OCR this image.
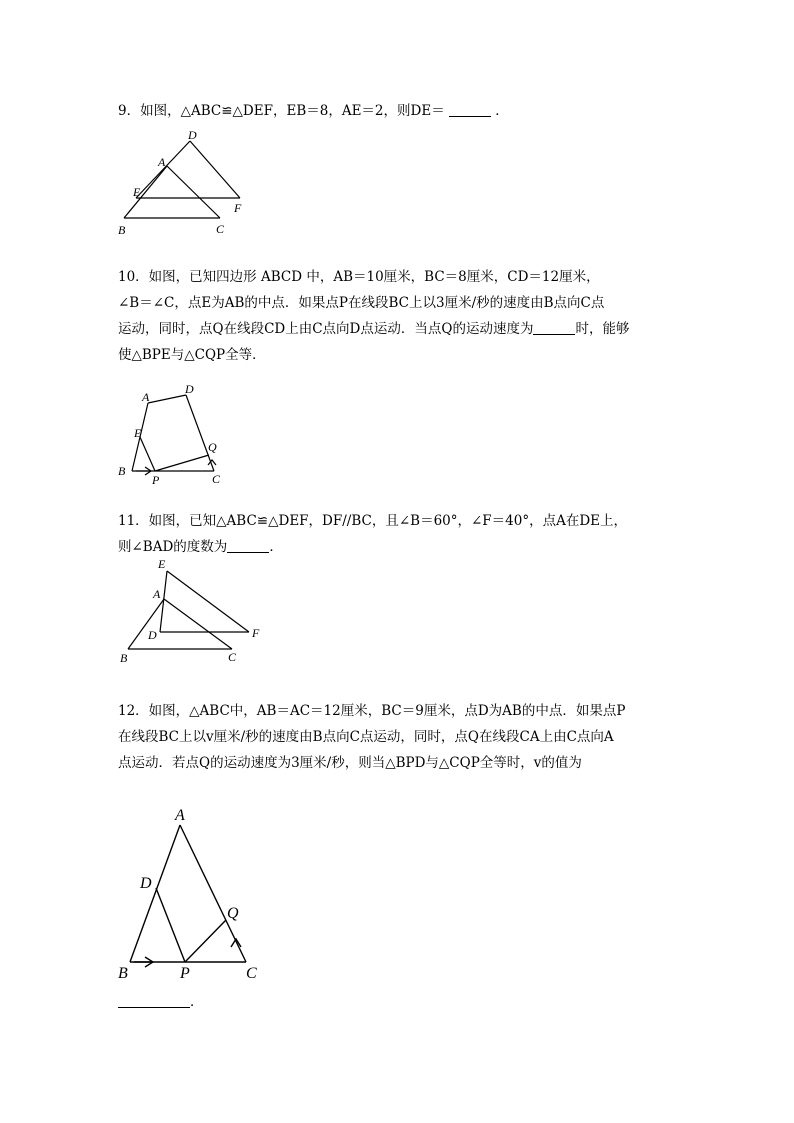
9．如图，△ABC≌△DEF，EB＝8，AE＝2，则DE＝	．
D
A
E
F
B	C
10．如图，已知四边形 ABCD 中，AB＝10厘米，BC＝8厘米，CD＝12厘米，
∠B＝∠C，点E为AB的中点．如果点P在线段BC上以3厘米/秒的速度由B点向C点
运动，同时，点Q在线段CD上由C点向D点运动．当点Q的运动速度为	时，能够
使△BPE与△CQP全等．
A
D
E
Q
B
P	C
11．如图，已知△ABC≌△DEF，DF//BC，且∠B＝60°，∠F＝40°，点A在DE上，
则∠BAD的度数为	．
E
A
D	F
B	C
12．如图，△ABC中，AB＝AC＝12厘米，BC＝9厘米，点D为AB的中点．如果点P
在线段BC上以v厘米/秒的速度由B点向C点运动，同时，点Q在线段CA上由C点向A
点运动．若点Q的运动速度为3厘米/秒，则当△BPD与△CQP全等时，v的值为
A
D
Q
B	P	C
．
